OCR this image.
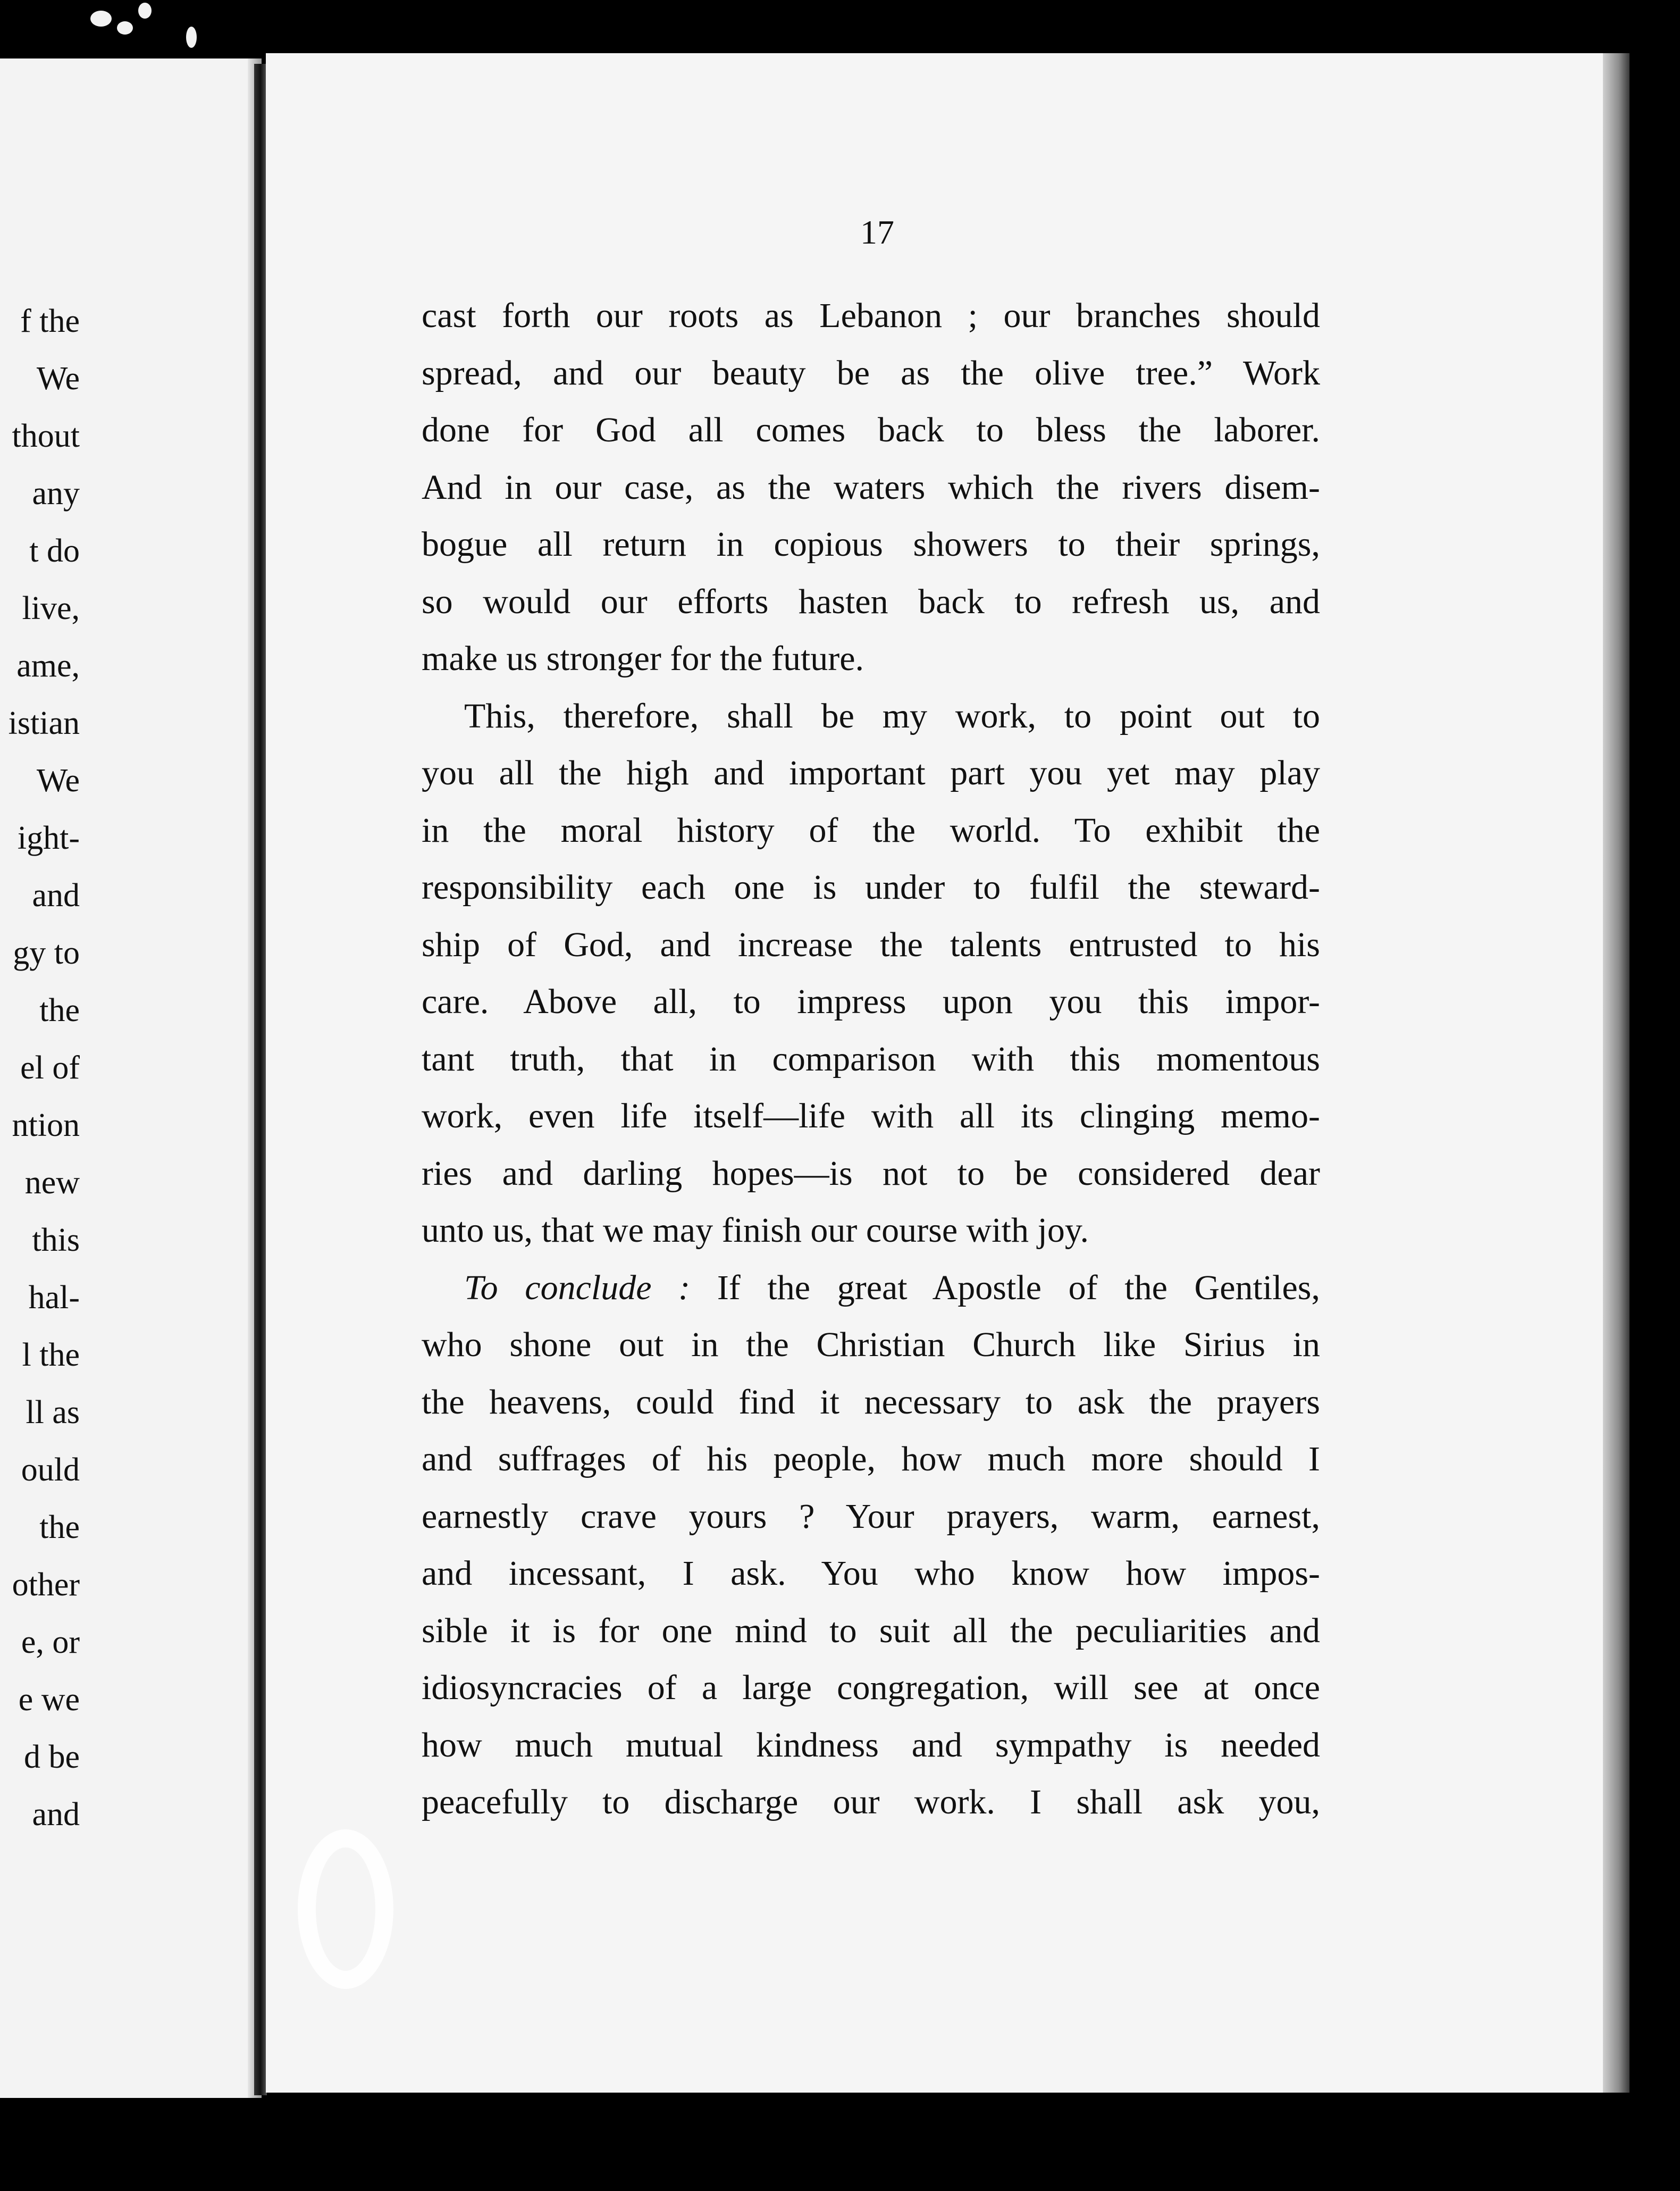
f the
We
thout
any
t do
live,
ame,
istian
We
ight-
and
gy to
the
el of
ntion
new
this
hal-
l the
ll as
ould
the
other
e, or
e we
d be
and
17
cast forth our roots as Lebanon ; our branches should
spread, and our beauty be as the olive tree.” Work
done for God all comes back to bless the laborer.
And in our case, as the waters which the rivers disem-
bogue all return in copious showers to their springs,
so would our efforts hasten back to refresh us, and
make us stronger for the future.
This, therefore, shall be my work, to point out to
you all the high and important part you yet may play
in the moral history of the world. To exhibit the
responsibility each one is under to fulfil the steward-
ship of God, and increase the talents entrusted to his
care. Above all, to impress upon you this impor-
tant truth, that in comparison with this momentous
work, even life itself—life with all its clinging memo-
ries and darling hopes—is not to be considered dear
unto us, that we may finish our course with joy.
To conclude : If the great Apostle of the Gentiles,
who shone out in the Christian Church like Sirius in
the heavens, could find it necessary to ask the prayers
and suffrages of his people, how much more should I
earnestly crave yours ? Your prayers, warm, earnest,
and incessant, I ask. You who know how impos-
sible it is for one mind to suit all the peculiarities and
idiosyncracies of a large congregation, will see at once
how much mutual kindness and sympathy is needed
peacefully to discharge our work. I shall ask you,
